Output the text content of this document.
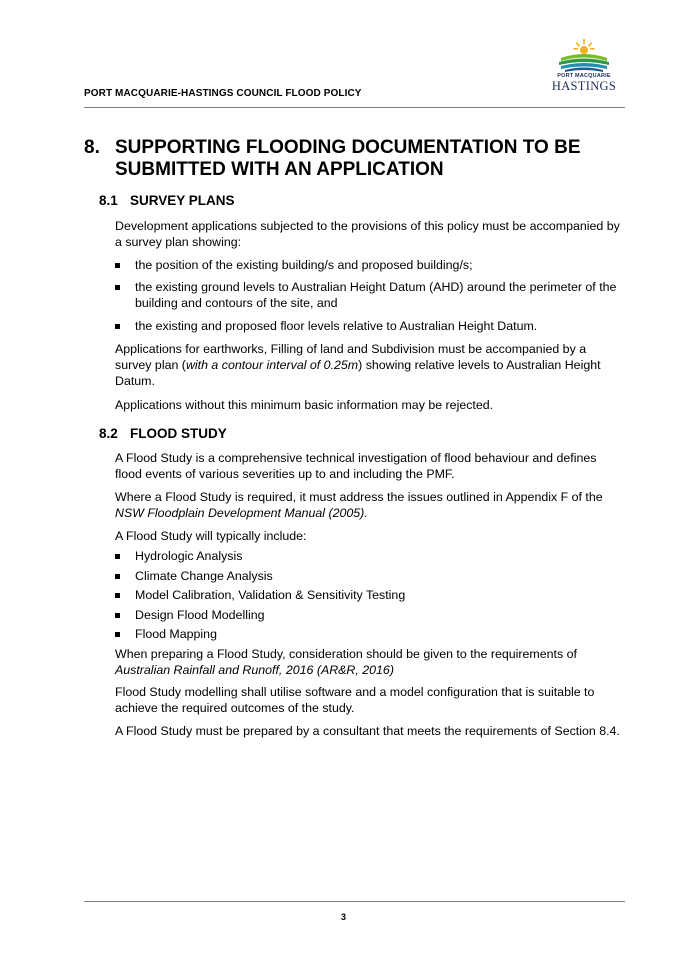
PORT MACQUARIE-HASTINGS COUNCIL FLOOD POLICY
PORT MACQUARIE
HASTINGS
8. SUPPORTING FLOODING DOCUMENTATION TO BE SUBMITTED WITH AN APPLICATION
8.1 SURVEY PLANS
Development applications subjected to the provisions of this policy must be accompanied by a survey plan showing:
the position of the existing building/s and proposed building/s;
the existing ground levels to Australian Height Datum (AHD) around the perimeter of the building and contours of the site, and
the existing and proposed floor levels relative to Australian Height Datum.
Applications for earthworks, Filling of land and Subdivision must be accompanied by a survey plan (with a contour interval of 0.25m) showing relative levels to Australian Height Datum.
Applications without this minimum basic information may be rejected.
8.2 FLOOD STUDY
A Flood Study is a comprehensive technical investigation of flood behaviour and defines flood events of various severities up to and including the PMF.
Where a Flood Study is required, it must address the issues outlined in Appendix F of the NSW Floodplain Development Manual (2005).
A Flood Study will typically include:
Hydrologic Analysis
Climate Change Analysis
Model Calibration, Validation & Sensitivity Testing
Design Flood Modelling
Flood Mapping
When preparing a Flood Study, consideration should be given to the requirements of Australian Rainfall and Runoff, 2016 (AR&R, 2016)
Flood Study modelling shall utilise software and a model configuration that is suitable to achieve the required outcomes of the study.
A Flood Study must be prepared by a consultant that meets the requirements of Section 8.4.
3
